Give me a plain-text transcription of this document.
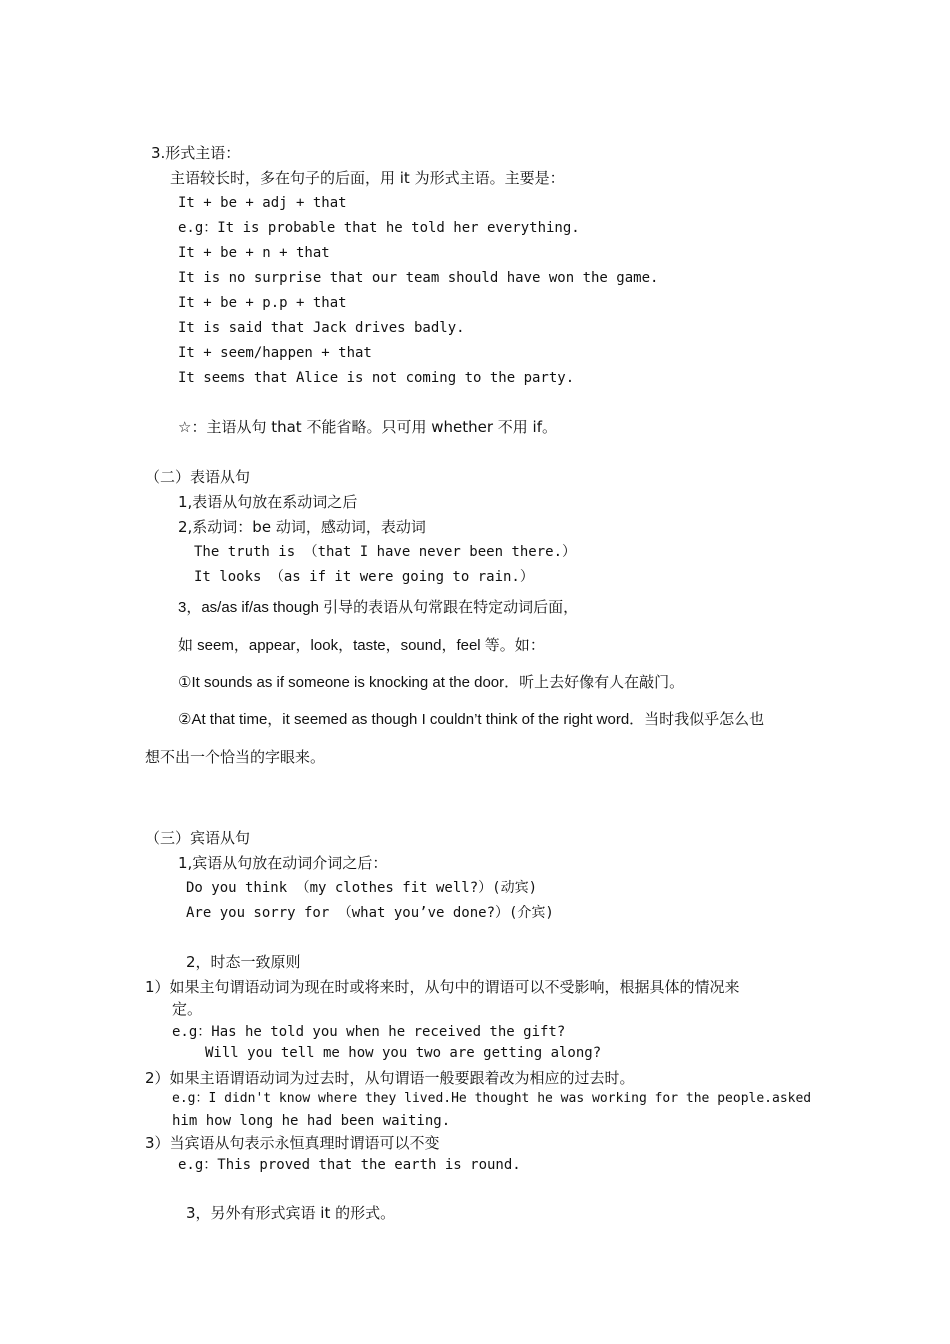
3.形式主语：
主语较长时，多在句子的后面，用 it 为形式主语。主要是：
It + be + adj + that
e.g：It is probable that he told her everything.
It + be + n + that
It is no surprise that our team should have won the game.
It + be + p.p + that
It is said that Jack drives badly.
It + seem/happen + that
It seems that Alice is not coming to the party.
☆：主语从句 that 不能省略。只可用 whether 不用 if。
（二）表语从句
1,表语从句放在系动词之后
2,系动词：be 动词，感动词，表动词
The truth is （that I have never been there.）
It looks （as if it were going to rain.）
3，as/as if/as though 引导的表语从句常跟在特定动词后面，
如 seem，appear，look，taste，sound，feel 等。如：
①It sounds as if someone is knocking at the door．听上去好像有人在敲门。
②At that time，it seemed as though I couldn’t think of the right word．当时我似乎怎么也
想不出一个恰当的字眼来。
（三）宾语从句
1,宾语从句放在动词介词之后：
Do you think （my clothes fit well?）(动宾)
Are you sorry for （what you’ve done?）(介宾)
2，时态一致原则
1）如果主句谓语动词为现在时或将来时，从句中的谓语可以不受影响，根据具体的情况来
定。
e.g：Has he told you when he received the gift?
Will you tell me how you two are getting along?
2）如果主语谓语动词为过去时，从句谓语一般要跟着改为相应的过去时。
e.g：I didn't know where they lived.He thought he was working for the people.asked
him how long he had been waiting.
3）当宾语从句表示永恒真理时谓语可以不变
e.g：This proved that the earth is round.
3，另外有形式宾语 it 的形式。
